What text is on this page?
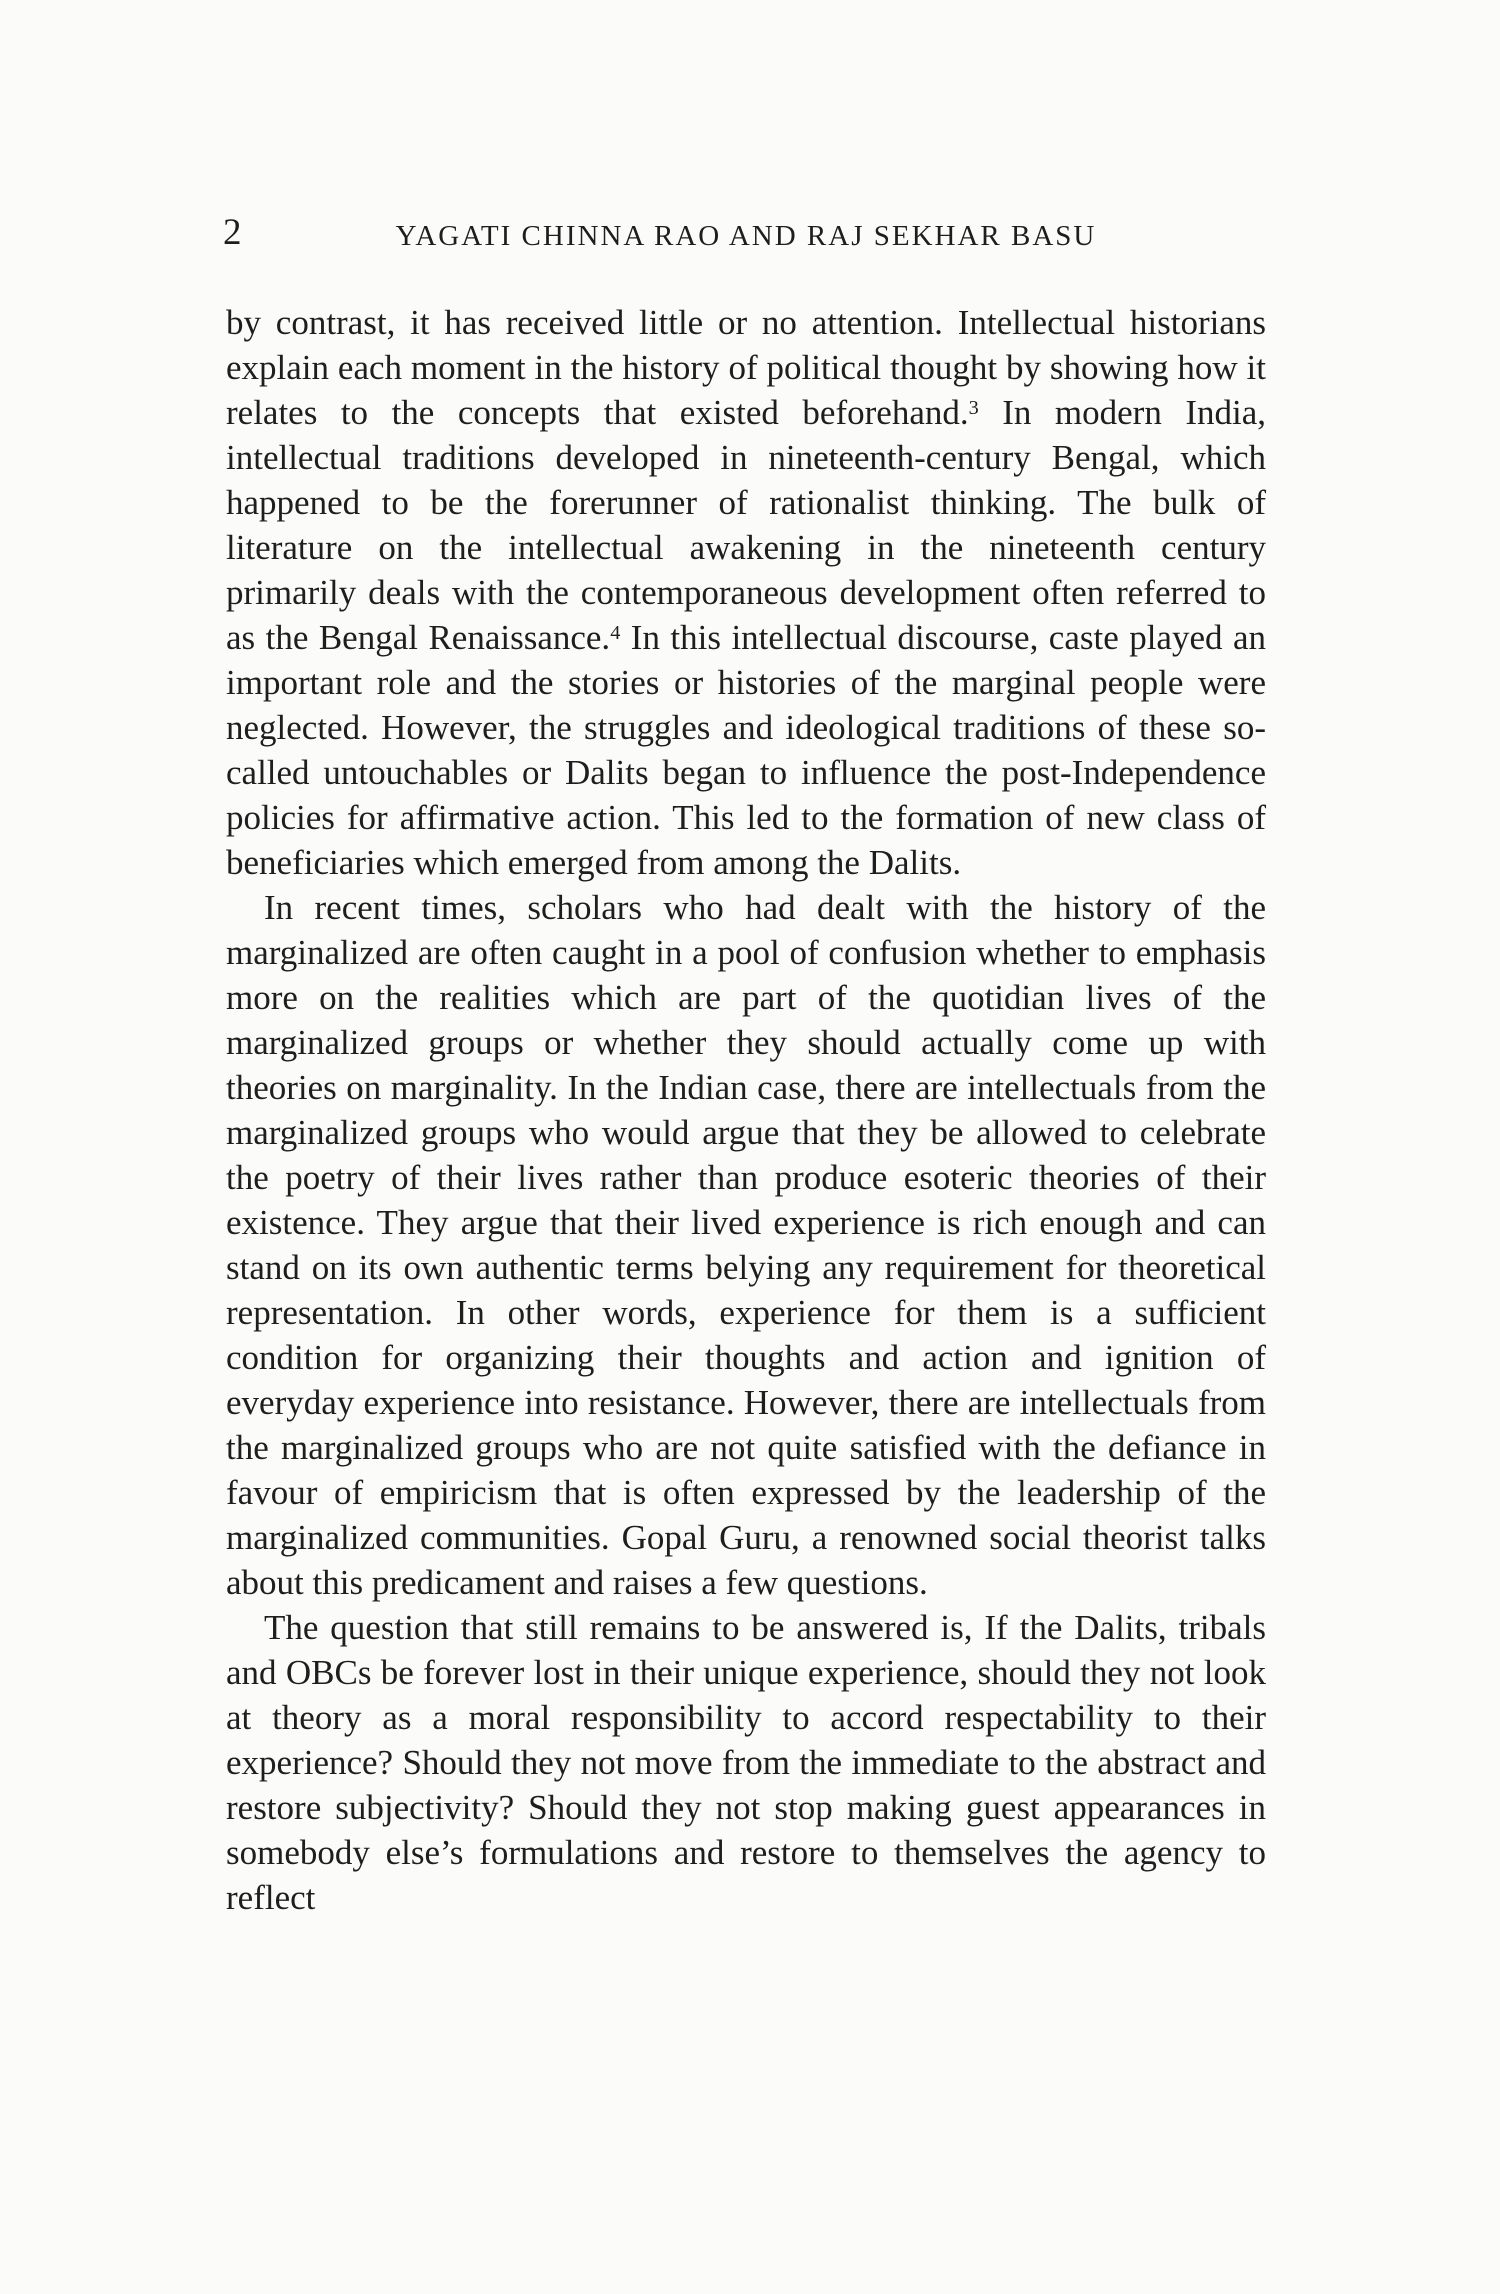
2	YAGATI CHINNA RAO AND RAJ SEKHAR BASU

by contrast, it has received little or no attention. Intellectual historians explain each moment in the history of political thought by showing how it relates to the concepts that existed beforehand.$^3$ In modern India, intellectual traditions developed in nineteenth-century Bengal, which happened to be the forerunner of rationalist thinking. The bulk of literature on the intellectual awakening in the nineteenth century primarily deals with the contemporaneous development often referred to as the Bengal Renaissance.$^4$ In this intellectual discourse, caste played an important role and the stories or histories of the marginal people were neglected. However, the struggles and ideological traditions of these so-called untouchables or Dalits began to influence the post-Independence policies for affirmative action. This led to the formation of new class of beneficiaries which emerged from among the Dalits.

In recent times, scholars who had dealt with the history of the marginalized are often caught in a pool of confusion whether to emphasis more on the realities which are part of the quotidian lives of the marginalized groups or whether they should actually come up with theories on marginality. In the Indian case, there are intellectuals from the marginalized groups who would argue that they be allowed to celebrate the poetry of their lives rather than produce esoteric theories of their existence. They argue that their lived experience is rich enough and can stand on its own authentic terms belying any requirement for theoretical representation. In other words, experience for them is a sufficient condition for organizing their thoughts and action and ignition of everyday experience into resistance. However, there are intellectuals from the marginalized groups who are not quite satisfied with the defiance in favour of empiricism that is often expressed by the leadership of the marginalized communities. Gopal Guru, a renowned social theorist talks about this predicament and raises a few questions.

The question that still remains to be answered is, If the Dalits, tribals and OBCs be forever lost in their unique experience, should they not look at theory as a moral responsibility to accord respectability to their experience? Should they not move from the immediate to the abstract and restore subjectivity? Should they not stop making guest appearances in somebody else’s formulations and restore to themselves the agency to reflect
